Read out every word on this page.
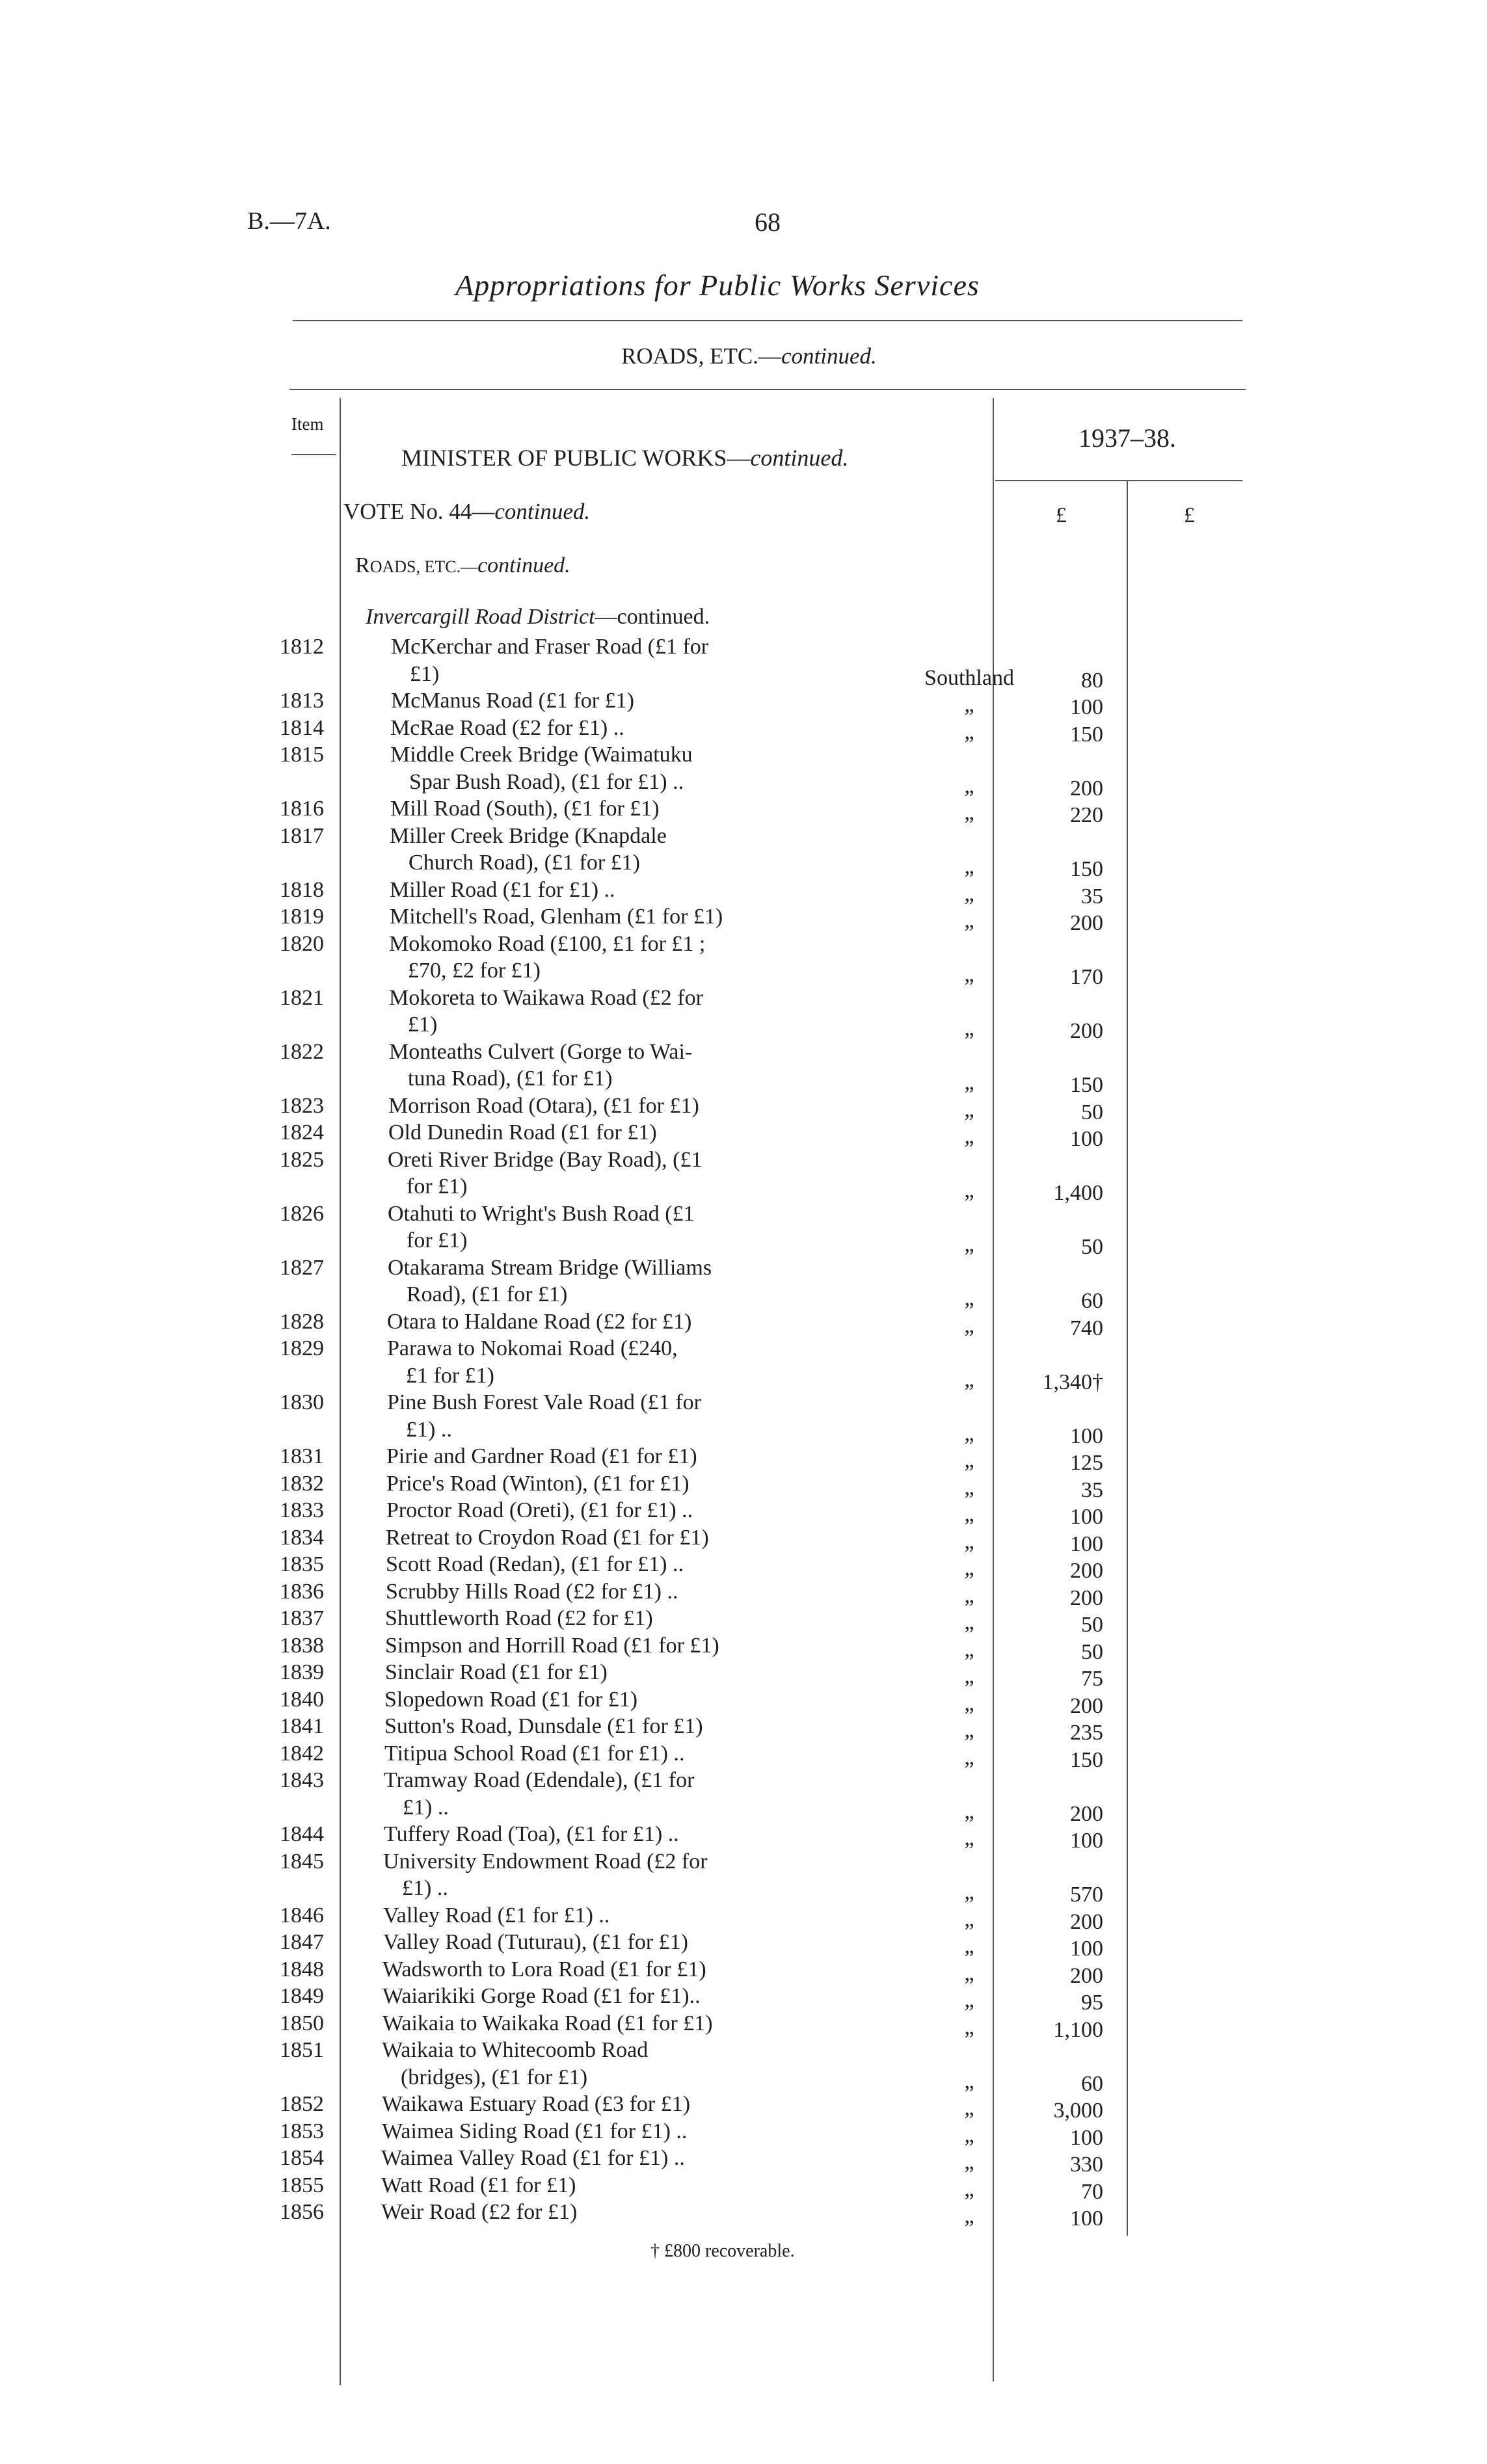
B.—7A.	68
Appropriations for Public Works Services
ROADS, ETC.—continued.
Item
MINISTER OF PUBLIC WORKS—continued.
1937–38.
VOTE No. 44—continued.	£	£
ROADS, ETC.—continued.
Invercargill Road District—continued.
1812	McKerchar and Fraser Road (£1 for
£1)	Southland	80
1813	McManus Road (£1 for £1)	„	100
1814	McRae Road (£2 for £1) ..	„	150
1815	Middle Creek Bridge (Waimatuku
Spar Bush Road), (£1 for £1) ..	„	200
1816	Mill Road (South), (£1 for £1)	„	220
1817	Miller Creek Bridge (Knapdale
Church Road), (£1 for £1)	„	150
1818	Miller Road (£1 for £1) ..	„	35
1819	Mitchell's Road, Glenham (£1 for £1)	„	200
1820	Mokomoko Road (£100, £1 for £1 ;
£70, £2 for £1)	„	170
1821	Mokoreta to Waikawa Road (£2 for
£1)	„	200
1822	Monteaths Culvert (Gorge to Wai-
tuna Road), (£1 for £1)	„	150
1823	Morrison Road (Otara), (£1 for £1)	„	50
1824	Old Dunedin Road (£1 for £1)	„	100
1825	Oreti River Bridge (Bay Road), (£1
for £1)	„	1,400
1826	Otahuti to Wright's Bush Road (£1
for £1)	„	50
1827	Otakarama Stream Bridge (Williams
Road), (£1 for £1)	„	60
1828	Otara to Haldane Road (£2 for £1)	„	740
1829	Parawa to Nokomai Road (£240,
£1 for £1)	„	1,340†
1830	Pine Bush Forest Vale Road (£1 for
£1) ..	„	100
1831	Pirie and Gardner Road (£1 for £1)	„	125
1832	Price's Road (Winton), (£1 for £1)	„	35
1833	Proctor Road (Oreti), (£1 for £1) ..	„	100
1834	Retreat to Croydon Road (£1 for £1)	„	100
1835	Scott Road (Redan), (£1 for £1) ..	„	200
1836	Scrubby Hills Road (£2 for £1) ..	„	200
1837	Shuttleworth Road (£2 for £1)	„	50
1838	Simpson and Horrill Road (£1 for £1)	„	50
1839	Sinclair Road (£1 for £1)	„	75
1840	Slopedown Road (£1 for £1)	„	200
1841	Sutton's Road, Dunsdale (£1 for £1)	„	235
1842	Titipua School Road (£1 for £1) ..	„	150
1843	Tramway Road (Edendale), (£1 for
£1) ..	„	200
1844	Tuffery Road (Toa), (£1 for £1) ..	„	100
1845	University Endowment Road (£2 for
£1) ..	„	570
1846	Valley Road (£1 for £1) ..	„	200
1847	Valley Road (Tuturau), (£1 for £1)	„	100
1848	Wadsworth to Lora Road (£1 for £1)	„	200
1849	Waiarikiki Gorge Road (£1 for £1)..	„	95
1850	Waikaia to Waikaka Road (£1 for £1)	„	1,100
1851	Waikaia to Whitecoomb Road
(bridges), (£1 for £1)	„	60
1852	Waikawa Estuary Road (£3 for £1)	„	3,000
1853	Waimea Siding Road (£1 for £1) ..	„	100
1854	Waimea Valley Road (£1 for £1) ..	„	330
1855	Watt Road (£1 for £1)	„	70
1856	Weir Road (£2 for £1)	„	100
† £800 recoverable.
